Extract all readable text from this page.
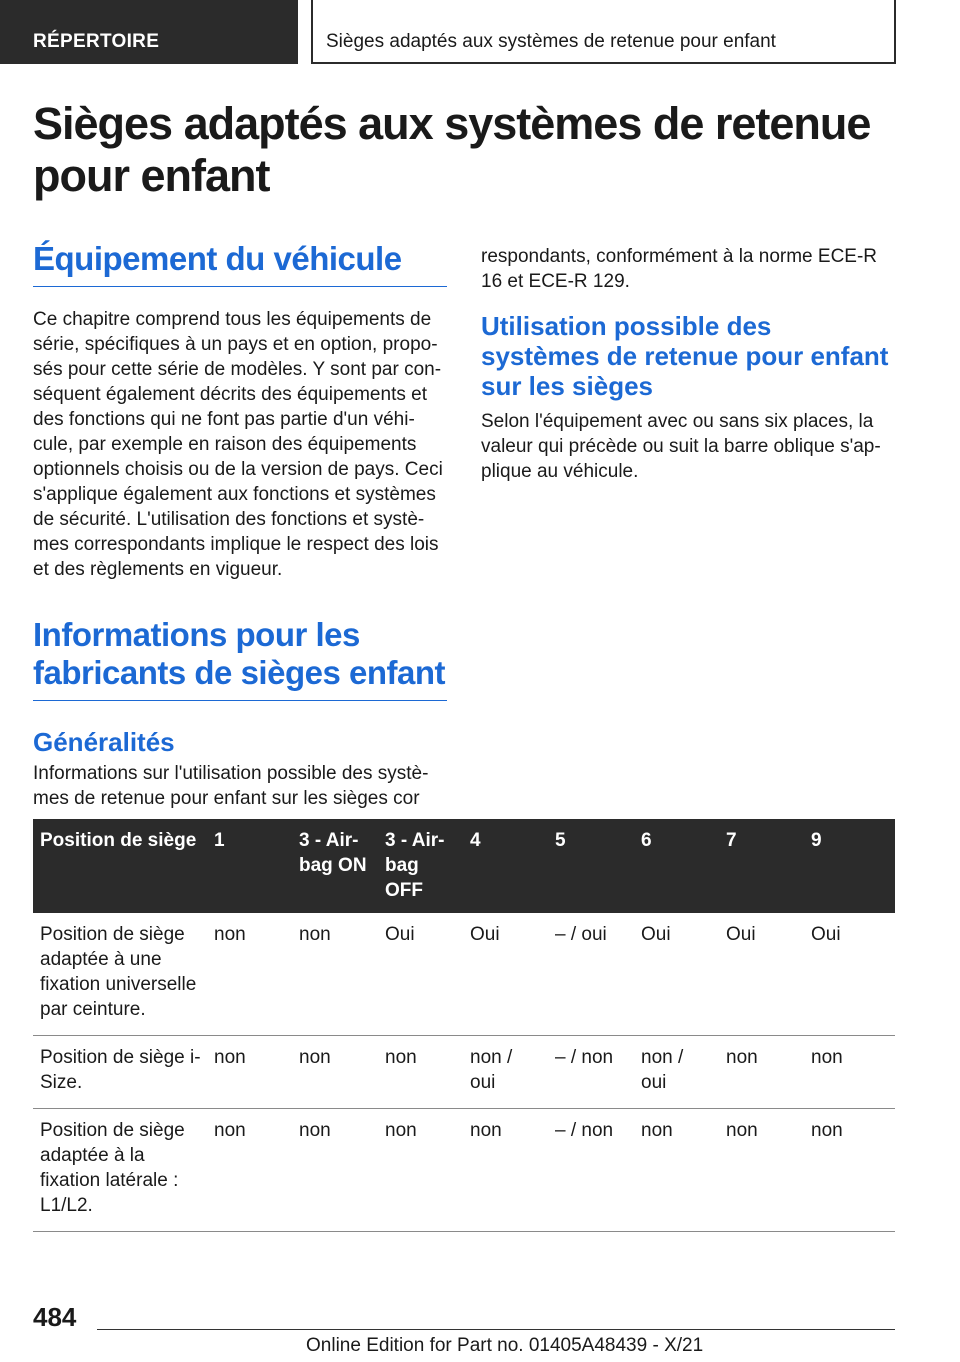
RÉPERTOIRE	Sièges adaptés aux systèmes de retenue pour enfant
Sièges adaptés aux systèmes de retenue pour enfant
Équipement du véhicule

Ce chapitre comprend tous les équipements de série, spécifiques à un pays et en option, proposés pour cette série de modèles. Y sont par conséquent également décrits des équipements et des fonctions qui ne font pas partie d'un véhicule, par exemple en raison des équipements optionnels choisis ou de la version de pays. Ceci s'applique également aux fonctions et systèmes de sécurité. L'utilisation des fonctions et systèmes correspondants implique le respect des lois et des règlements en vigueur.

Informations pour les fabricants de sièges enfant
Généralités

Informations sur l'utilisation possible des systèmes de retenue pour enfant sur les sièges cor

respondants, conformément à la norme ECE-R 16 et ECE-R 129.

Utilisation possible des systèmes de retenue pour enfant sur les sièges

Selon l'équipement avec ou sans six places, la valeur qui précède ou suit la barre oblique s'applique au véhicule.

Position de siège	1	3 - Airbag ON	3 - Airbag OFF	4	5	6	7	9
Position de siège adaptée à une fixation universelle par ceinture.	non	non	Oui	Oui	– / oui	Oui	Oui	Oui
Position de siège i-Size.	non	non	non	non / oui	– / non	non / oui	non	non
Position de siège adaptée à la fixation latérale : L1/L2.	non	non	non	non	– / non	non	non	non
484
Online Edition for Part no. 01405A48439 - X/21
